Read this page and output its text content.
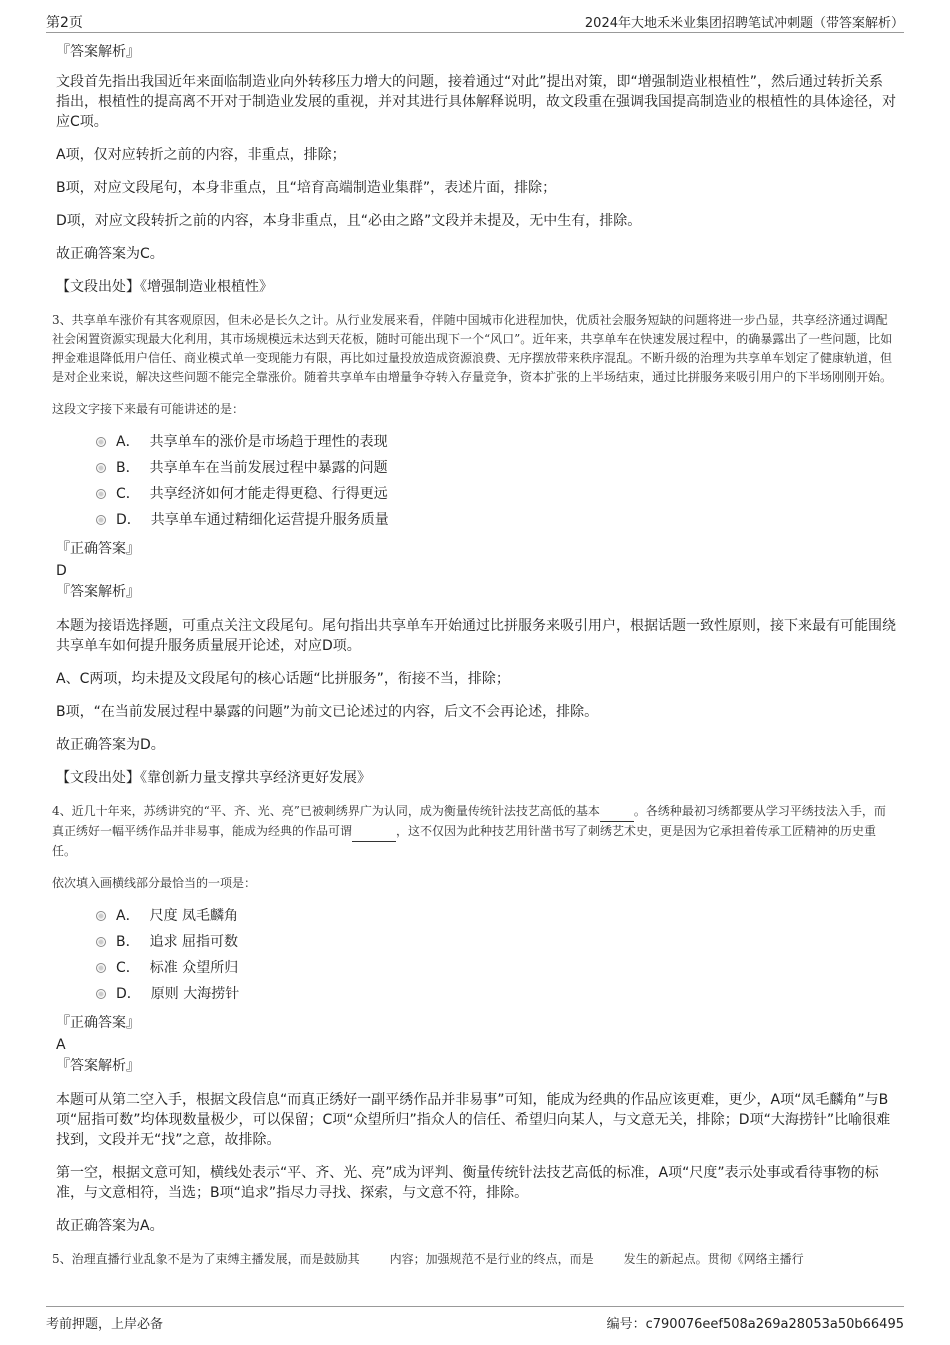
第2页	2024年大地禾米业集团招聘笔试冲刺题（带答案解析）
『答案解析』

文段首先指出我国近年来面临制造业向外转移压力增大的问题，接着通过“对此”提出对策，即“增强制造业根植性”，然后通过转折关系指出，根植性的提高离不开对于制造业发展的重视，并对其进行具体解释说明，故文段重在强调我国提高制造业的根植性的具体途径，对应C项。

A项，仅对应转折之前的内容，非重点，排除；

B项，对应文段尾句，本身非重点，且“培育高端制造业集群”，表述片面，排除；

D项，对应文段转折之前的内容，本身非重点，且“必由之路”文段并未提及，无中生有，排除。

故正确答案为C。

【文段出处】《增强制造业根植性》

3、共享单车涨价有其客观原因，但未必是长久之计。从行业发展来看，伴随中国城市化进程加快，优质社会服务短缺的问题将进一步凸显，共享经济通过调配社会闲置资源实现最大化利用，其市场规模远未达到天花板，随时可能出现下一个“风口”。近年来，共享单车在快速发展过程中，的确暴露出了一些问题，比如押金难退降低用户信任、商业模式单一变现能力有限，再比如过量投放造成资源浪费、无序摆放带来秩序混乱。不断升级的治理为共享单车划定了健康轨道，但是对企业来说，解决这些问题不能完全靠涨价。随着共享单车由增量争夺转入存量竞争，资本扩张的上半场结束，通过比拼服务来吸引用户的下半场刚刚开始。

这段文字接下来最有可能讲述的是：

A． 共享单车的涨价是市场趋于理性的表现
B． 共享单车在当前发展过程中暴露的问题
C． 共享经济如何才能走得更稳、行得更远
D． 共享单车通过精细化运营提升服务质量
『正确答案』
D
『答案解析』

本题为接语选择题，可重点关注文段尾句。尾句指出共享单车开始通过比拼服务来吸引用户，根据话题一致性原则，接下来最有可能围绕共享单车如何提升服务质量展开论述，对应D项。

A、C两项，均未提及文段尾句的核心话题“比拼服务”，衔接不当，排除；

B项，“在当前发展过程中暴露的问题”为前文已论述过的内容，后文不会再论述，排除。

故正确答案为D。

【文段出处】《靠创新力量支撑共享经济更好发展》

4、近几十年来，苏绣讲究的“平、齐、光、亮”已被刺绣界广为认同，成为衡量传统针法技艺高低的基本	。各绣种最初习绣都要从学习平绣技法入手，而真正绣好一幅平绣作品并非易事，能成为经典的作品可谓	，这不仅因为此种技艺用针凿书写了刺绣艺术史，更是因为它承担着传承工匠精神的历史重任。

依次填入画横线部分最恰当的一项是：

A． 尺度 凤毛麟角
B． 追求 屈指可数
C． 标准 众望所归
D． 原则 大海捞针
『正确答案』
A
『答案解析』

本题可从第二空入手，根据文段信息“而真正绣好一副平绣作品并非易事”可知，能成为经典的作品应该更难，更少，A项“凤毛麟角”与B项“屈指可数”均体现数量极少，可以保留；C项“众望所归”指众人的信任、希望归向某人，与文意无关，排除；D项“大海捞针”比喻很难找到，文段并无“找”之意，故排除。

第一空，根据文意可知，横线处表示“平、齐、光、亮”成为评判、衡量传统针法技艺高低的标准，A项“尺度”表示处事或看待事物的标准，与文意相符，当选；B项“追求”指尽力寻找、探索，与文意不符，排除。

故正确答案为A。

5、治理直播行业乱象不是为了束缚主播发展，而是鼓励其	内容；加强规范不是行业的终点，而是	发生的新起点。贯彻《网络主播行

考前押题，上岸必备	编号：c790076eef508a269a28053a50b66495
